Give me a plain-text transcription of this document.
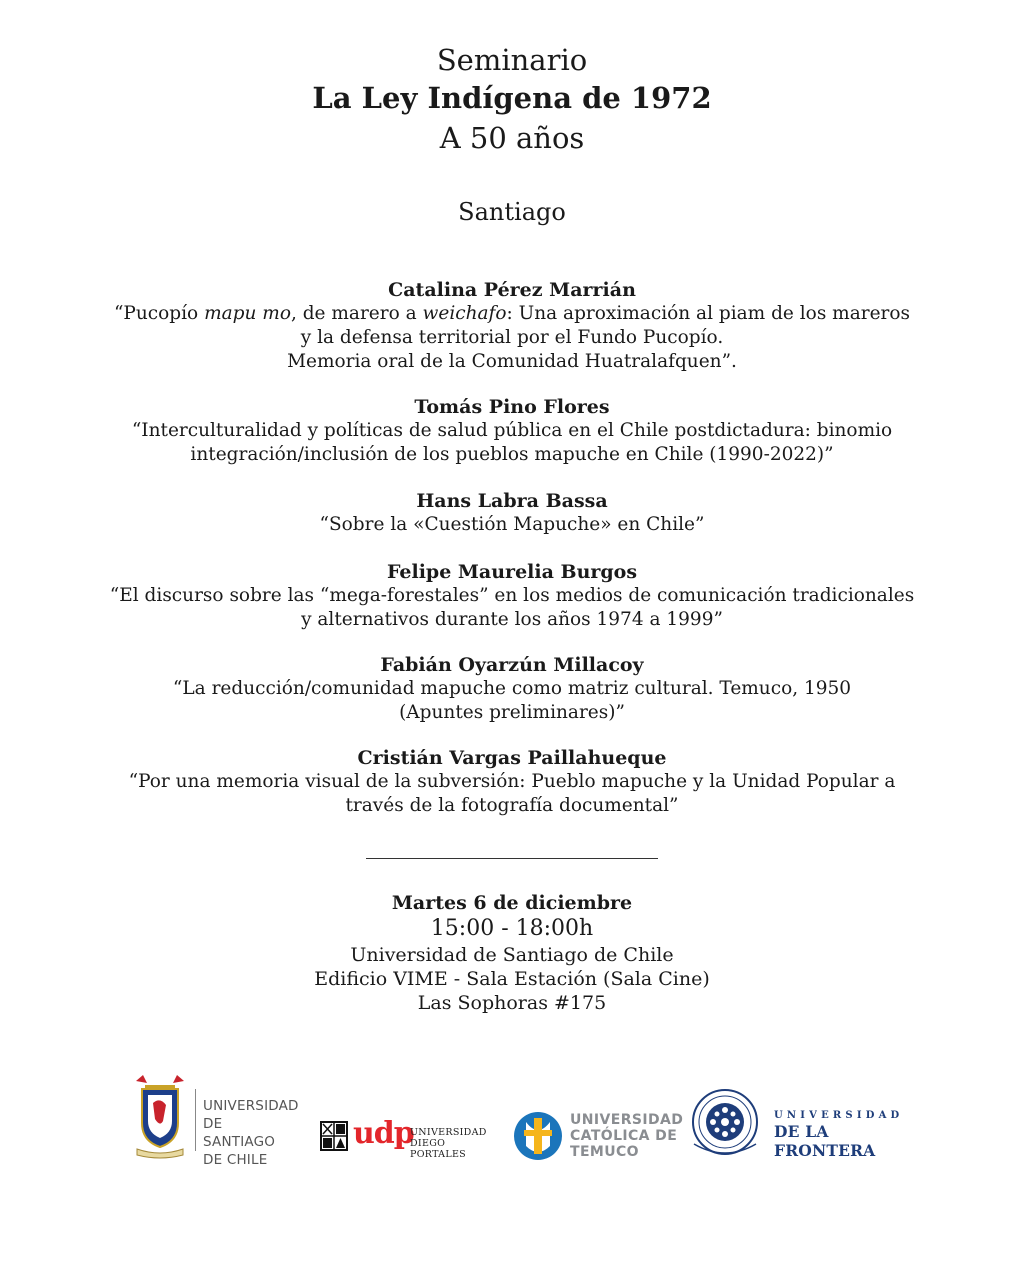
Seminario
La Ley Indígena de 1972
A 50 años
Santiago
Catalina Pérez Marrián
“Pucopío mapu mo, de marero a weichafo: Una aproximación al piam de los mareros
y la defensa territorial por el Fundo Pucopío.
Memoria oral de la Comunidad Huatralafquen”.
Tomás Pino Flores
“Interculturalidad y políticas de salud pública en el Chile postdictadura: binomio
integración/inclusión de los pueblos mapuche en Chile (1990-2022)”
Hans Labra Bassa
“Sobre la «Cuestión Mapuche» en Chile”
Felipe Maurelia Burgos
“El discurso sobre las “mega-forestales” en los medios de comunicación tradicionales
y alternativos durante los años 1974 a 1999”
Fabián Oyarzún Millacoy
“La reducción/comunidad mapuche como matriz cultural. Temuco, 1950
(Apuntes preliminares)”
Cristián Vargas Paillahueque
“Por una memoria visual de la subversión: Pueblo mapuche y la Unidad Popular a
través de la fotografía documental”
Martes 6 de diciembre
15:00 - 18:00h
Universidad de Santiago de Chile
Edificio VIME - Sala Estación (Sala Cine)
Las Sophoras #175
UNIVERSIDAD
DE SANTIAGO
DE CHILE
udp
UNIVERSIDAD
DIEGO PORTALES
UNIVERSIDAD
CATÓLICA DE
TEMUCO
UNIVERSIDAD
DE LA FRONTERA
